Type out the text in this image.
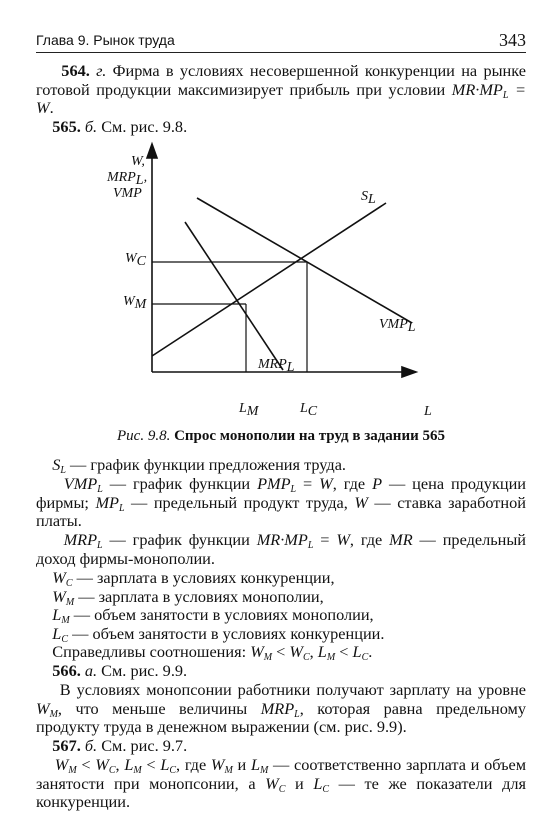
Глава 9. Рынок труда	343
564. г. Фирма в условиях несовершенной конкуренции на рынке готовой продукции максимизирует прибыль при условии $MR\cdot MP_L = W$.
565. б. См. рис. 9.8.
W,
MRPL,
VMP
WC
WM
SL
VMPL
MRPL
LM	LC	L
Рис. 9.8. Спрос монополии на труд в задании 565
$S_L$ — график функции предложения труда.
$VMP_L$ — график функции $PMP_L = W$, где P — цена продукции фирмы; $MP_L$ — предельный продукт труда, W — ставка заработной платы.
$MRP_L$ — график функции $MR\cdot MP_L = W$, где MR — предельный доход фирмы-монополии.
$W_C$ — зарплата в условиях конкуренции,
$W_M$ — зарплата в условиях монополии,
$L_M$ — объем занятости в условиях монополии,
$L_C$ — объем занятости в условиях конкуренции.
Справедливы соотношения: $W_M < W_C$, $L_M < L_C$.
566. а. См. рис. 9.9.
В условиях монопсонии работники получают зарплату на уровне $W_M$, что меньше величины $MRP_L$, которая равна предельному продукту труда в денежном выражении (см. рис. 9.9).
567. б. См. рис. 9.7.
$W_M < W_C$, $L_M < L_C$, где $W_M$ и $L_M$ — соответственно зарплата и объем занятости при монопсонии, а $W_C$ и $L_C$ — те же показатели для конкуренции.
